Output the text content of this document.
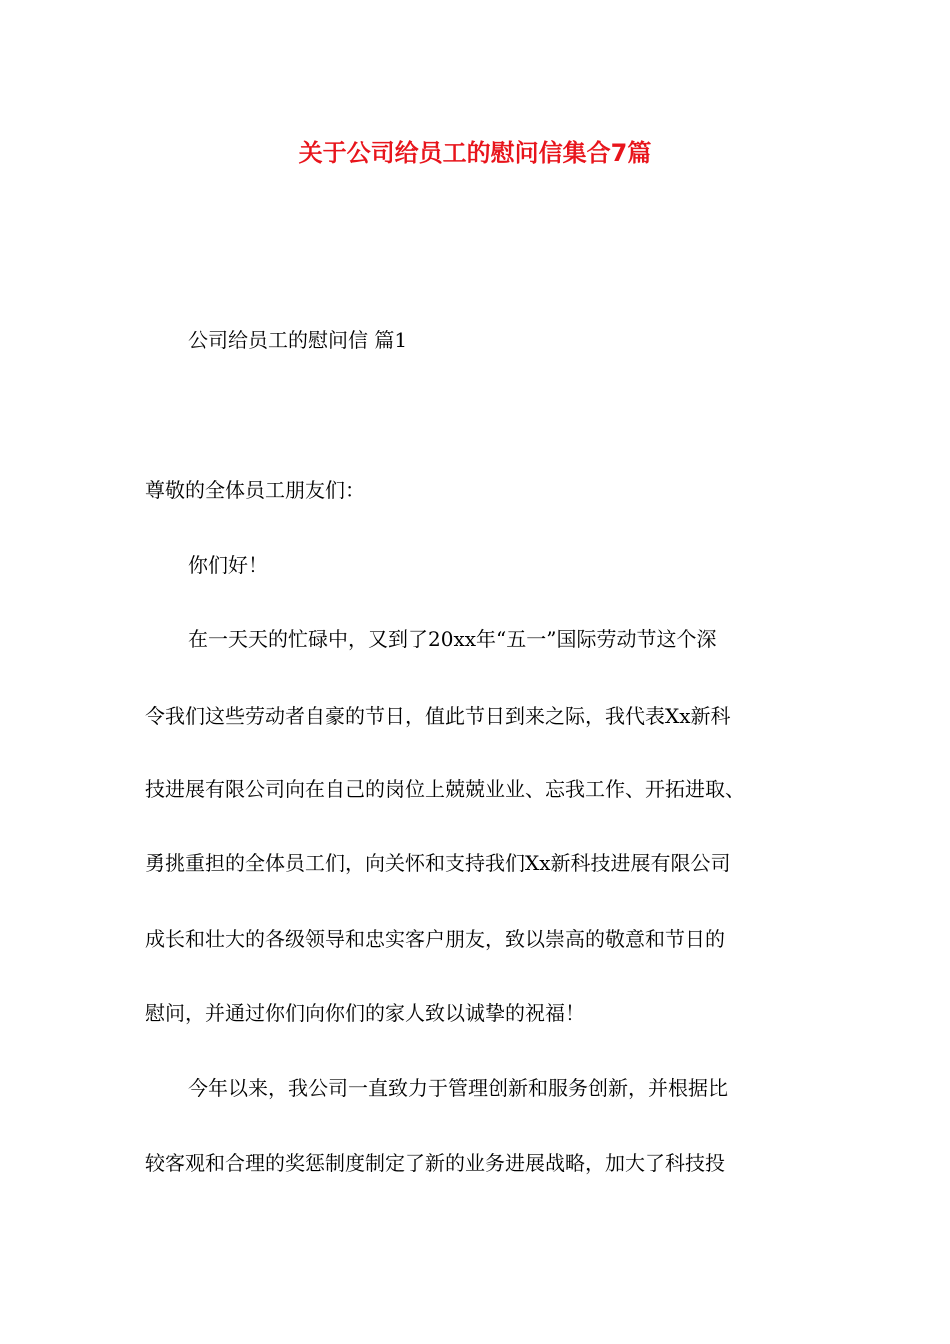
关于公司给员工的慰问信集合7篇

公司给员工的慰问信 篇1

尊敬的全体员工朋友们：

你们好！

在一天天的忙碌中，又到了20xx年“五一”国际劳动节这个深

令我们这些劳动者自豪的节日，值此节日到来之际，我代表Xx新科

技进展有限公司向在自己的岗位上兢兢业业、忘我工作、开拓进取、

勇挑重担的全体员工们，向关怀和支持我们Xx新科技进展有限公司

成长和壮大的各级领导和忠实客户朋友，致以崇高的敬意和节日的

慰问，并通过你们向你们的家人致以诚挚的祝福！

今年以来，我公司一直致力于管理创新和服务创新，并根据比

较客观和合理的奖惩制度制定了新的业务进展战略，加大了科技投
